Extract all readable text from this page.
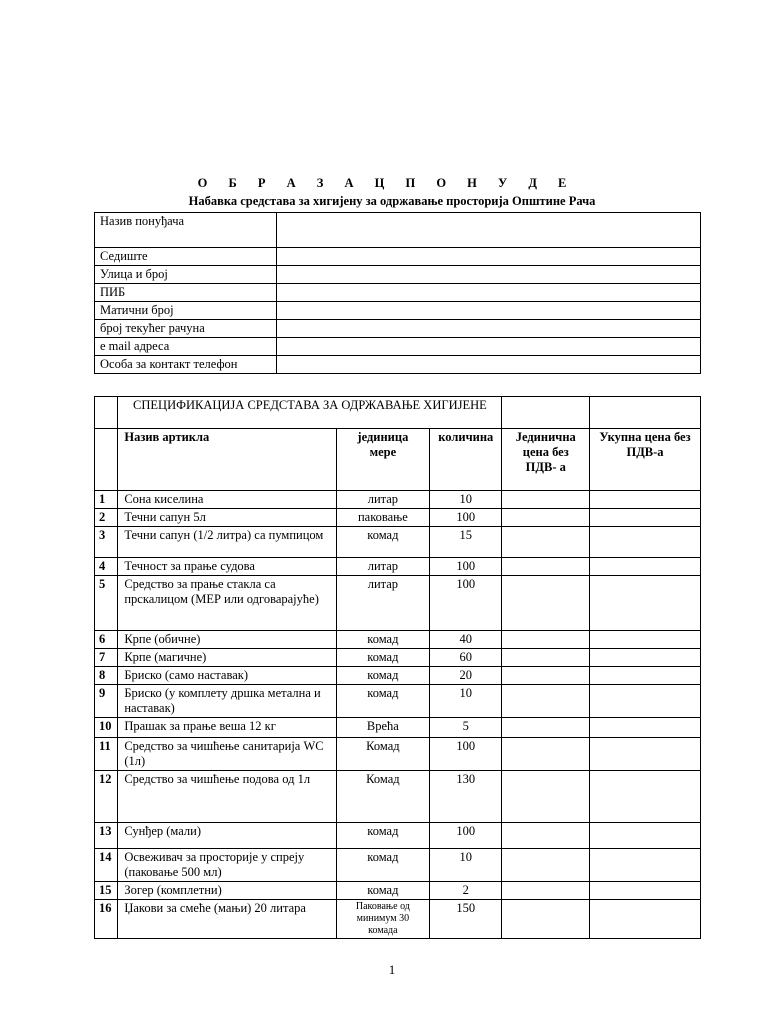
О Б Р А З А Ц П О Н У Д Е
Набавка средстава за хигијену за одржавање просторија Општине Рача
Назив понуђача	
Седиште	
Улица и број	
ПИБ	
Матични број	
број текућег рачуна	
e mail адреса	
Особа за контакт телефон	
	СПЕЦИФИКАЦИЈА СРЕДСТАВА ЗА ОДРЖАВАЊЕ ХИГИЈЕНЕ				
	Назив артикла	јединица мере	количина	Јединична цена без ПДВ- а	Укупна цена без ПДВ-а
1	Сона киселина	литар	10		
2	Течни сапун 5л	паковање	100		
3	Течни сапун (1/2 литра) са пумпицом	комад	15		
4	Течност за прање судова	литар	100		
5	Средство за прање стакла са прскалицом (МЕР или одговарајуће)	литар	100		
6	Крпе (обичне)	комад	40		
7	Крпе (магичне)	комад	60		
8	Бриско (само наставак)	комад	20		
9	Бриско (у комплету дршка метална и наставак)	комад	10		
10	Прашак за прање веша 12 кг	Врећа	5		
11	Средство за чишћење санитарија WC (1л)	Комад	100		
12	Средство за чишћење подова од 1л	Комад	130		
13	Сунђер (мали)	комад	100		
14	Освеживач за просторије у спреју (паковање 500 мл)	комад	10		
15	Зогер (комплетни)	комад	2		
16	Џакови за смеће (мањи) 20 литара	Паковање од минимум 30 комада	150		
1
